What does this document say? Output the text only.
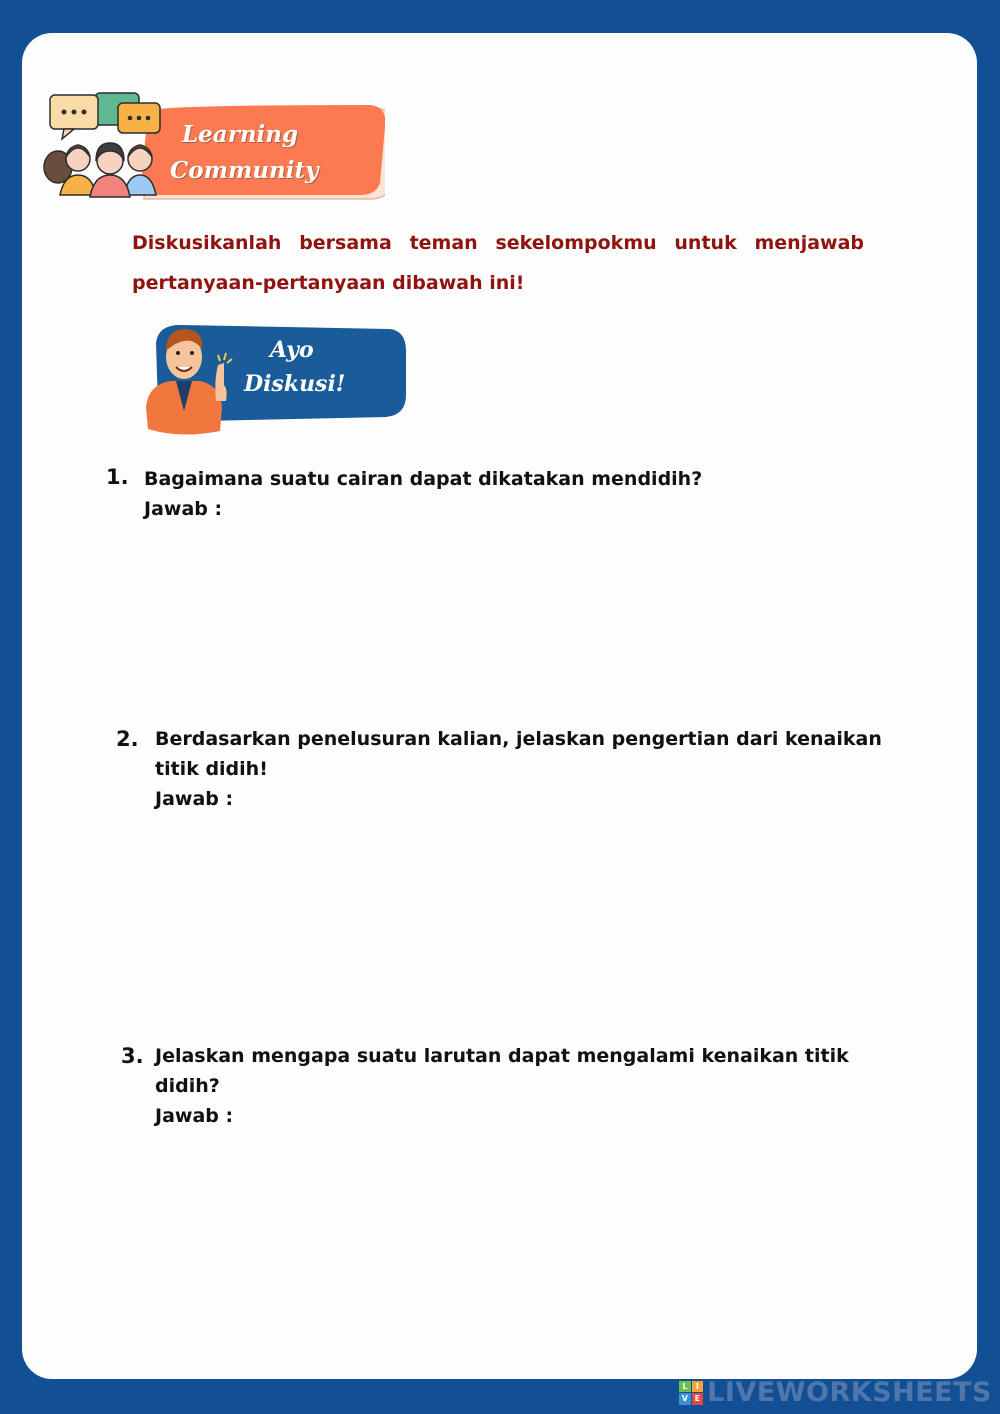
Learning
Community
Diskusikanlah bersama teman sekelompokmu untuk menjawab pertanyaan-pertanyaan dibawah ini!
Ayo
Diskusi!
1. Bagaimana suatu cairan dapat dikatakan mendidih?
Jawab :
2. Berdasarkan penelusuran kalian, jelaskan pengertian dari kenaikan titik didih!
Jawab :
3. Jelaskan mengapa suatu larutan dapat mengalami kenaikan titik didih?
Jawab :
L	I
V E LIVEWORKSHEETS
